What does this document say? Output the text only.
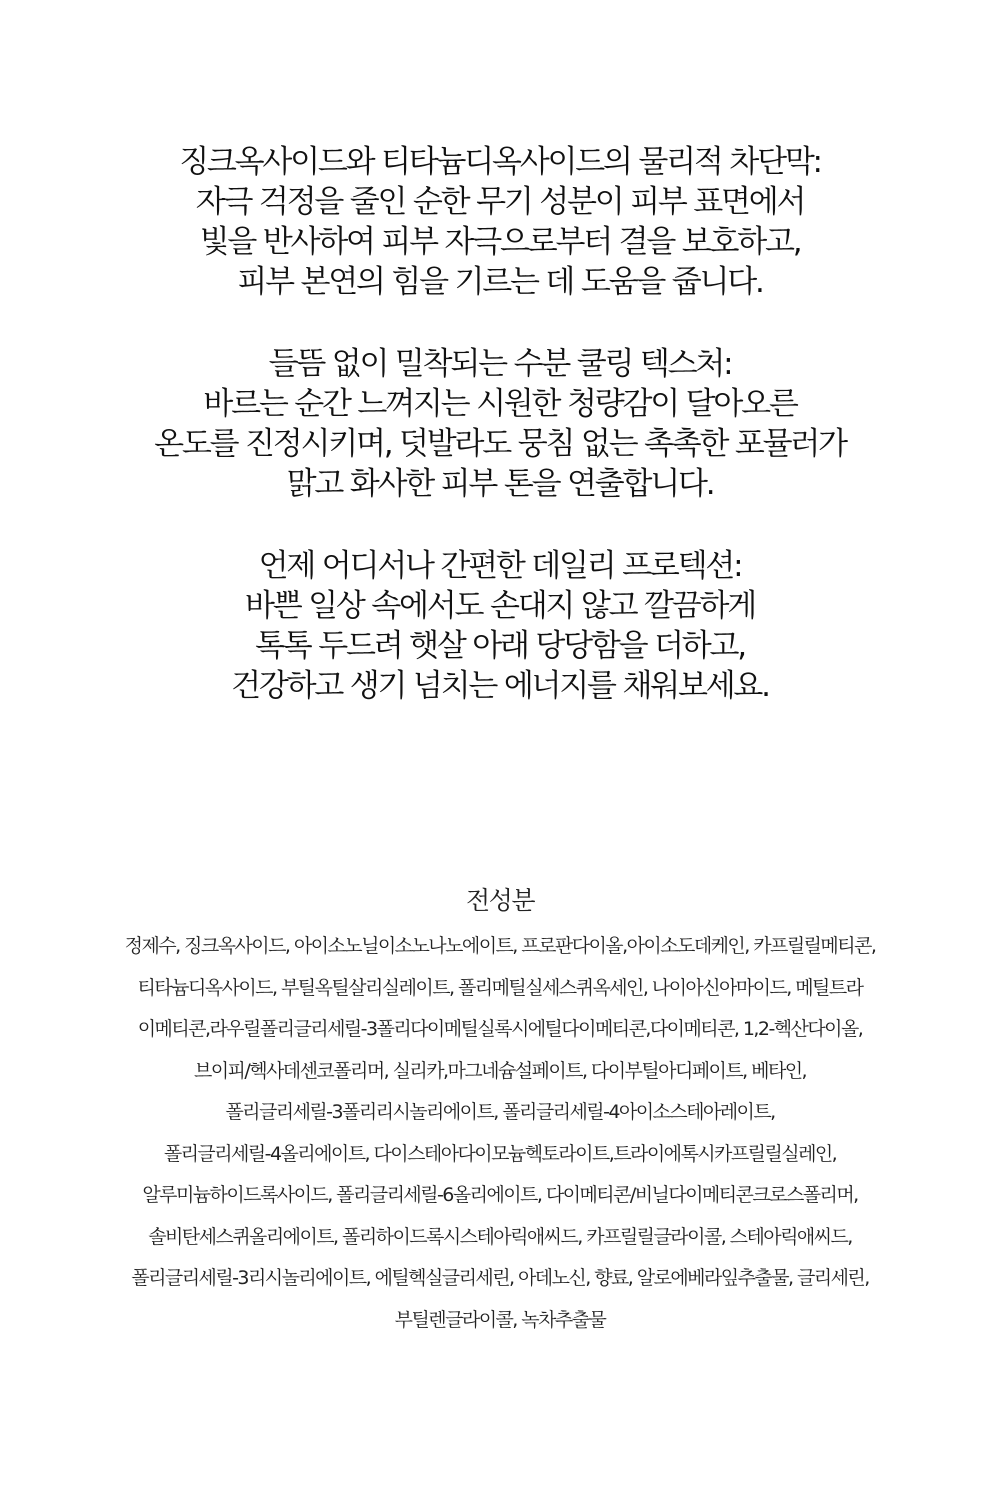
징크옥사이드와 티타늄디옥사이드의 물리적 차단막:
자극 걱정을 줄인 순한 무기 성분이 피부 표면에서
빛을 반사하여 피부 자극으로부터 결을 보호하고,
피부 본연의 힘을 기르는 데 도움을 줍니다.
들뜸 없이 밀착되는 수분 쿨링 텍스처:
바르는 순간 느껴지는 시원한 청량감이 달아오른
온도를 진정시키며, 덧발라도 뭉침 없는 촉촉한 포뮬러가
맑고 화사한 피부 톤을 연출합니다.
언제 어디서나 간편한 데일리 프로텍션:
바쁜 일상 속에서도 손대지 않고 깔끔하게
톡톡 두드려 햇살 아래 당당함을 더하고,
건강하고 생기 넘치는 에너지를 채워보세요.
전성분
정제수, 징크옥사이드, 아이소노닐이소노나노에이트, 프로판다이올,아이소도데케인, 카프릴릴메티콘,
티타늄디옥사이드, 부틸옥틸살리실레이트, 폴리메틸실세스퀴옥세인, 나이아신아마이드, 메틸트라
이메티콘,라우릴폴리글리세릴-3폴리다이메틸실록시에틸다이메티콘,다이메티콘, 1,2-헥산다이올,
브이피/헥사데센코폴리머, 실리카,마그네슘설페이트, 다이부틸아디페이트, 베타인,
폴리글리세릴-3폴리리시놀리에이트, 폴리글리세릴-4아이소스테아레이트,
폴리글리세릴-4올리에이트, 다이스테아다이모늄헥토라이트,트라이에톡시카프릴릴실레인,
알루미늄하이드록사이드, 폴리글리세릴-6올리에이트, 다이메티콘/비닐다이메티콘크로스폴리머,
솔비탄세스퀴올리에이트, 폴리하이드록시스테아릭애씨드, 카프릴릴글라이콜, 스테아릭애씨드,
폴리글리세릴-3리시놀리에이트, 에틸헥실글리세린, 아데노신, 향료, 알로에베라잎추출물, 글리세린,
부틸렌글라이콜, 녹차추출물
